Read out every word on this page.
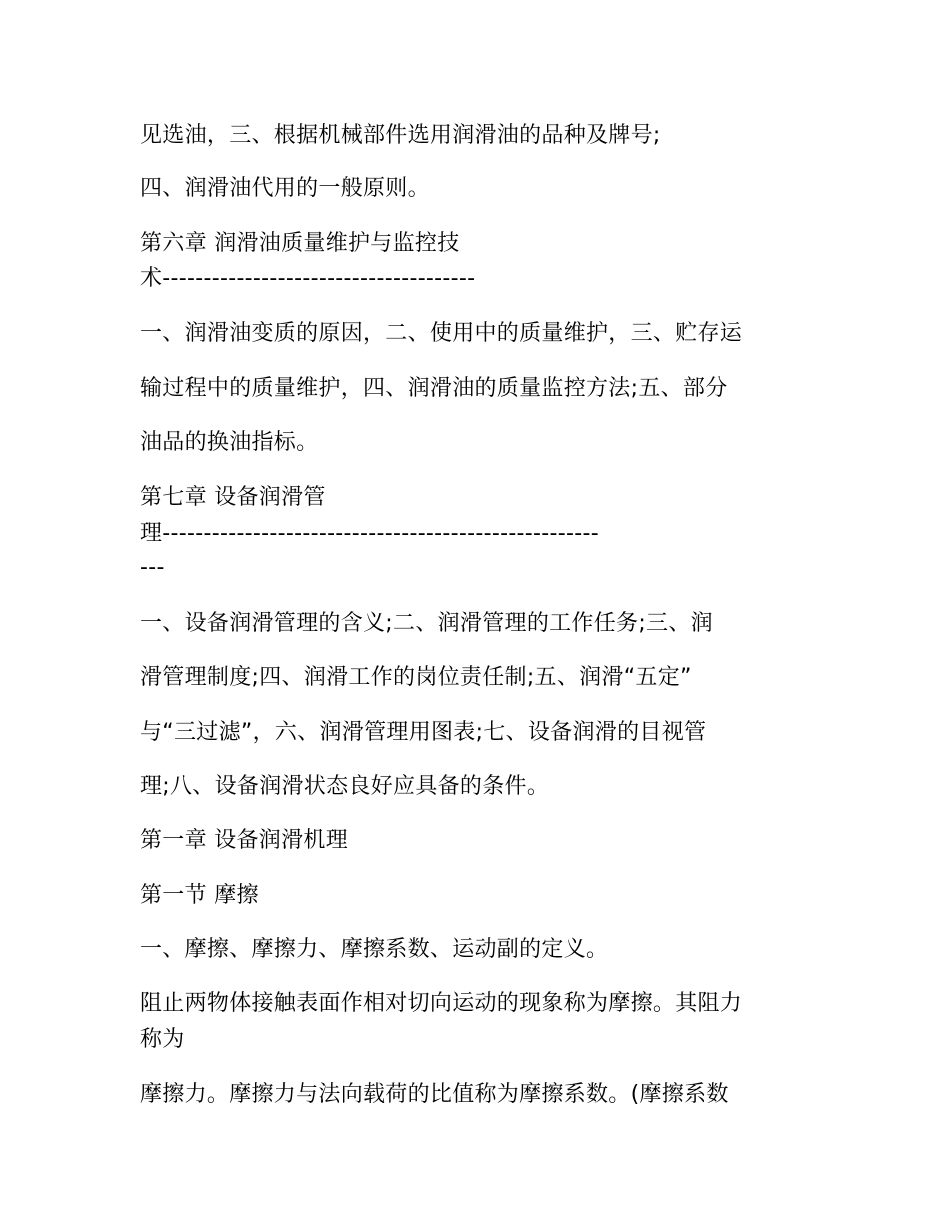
见选油，三、根据机械部件选用润滑油的品种及牌号;
四、润滑油代用的一般原则。
第六章 润滑油质量维护与监控技
术--------------------------------------
一、润滑油变质的原因，二、使用中的质量维护，三、贮存运
输过程中的质量维护，四、润滑油的质量监控方法;五、部分
油品的换油指标。
第七章 设备润滑管
理-----------------------------------------------------
---
一、设备润滑管理的含义;二、润滑管理的工作任务;三、润
滑管理制度;四、润滑工作的岗位责任制;五、润滑“五定”
与“三过滤”，六、润滑管理用图表;七、设备润滑的目视管
理;八、设备润滑状态良好应具备的条件。
第一章 设备润滑机理
第一节 摩擦
一、摩擦、摩擦力、摩擦系数、运动副的定义。
阻止两物体接触表面作相对切向运动的现象称为摩擦。其阻力
称为
摩擦力。摩擦力与法向载荷的比值称为摩擦系数。(摩擦系数
